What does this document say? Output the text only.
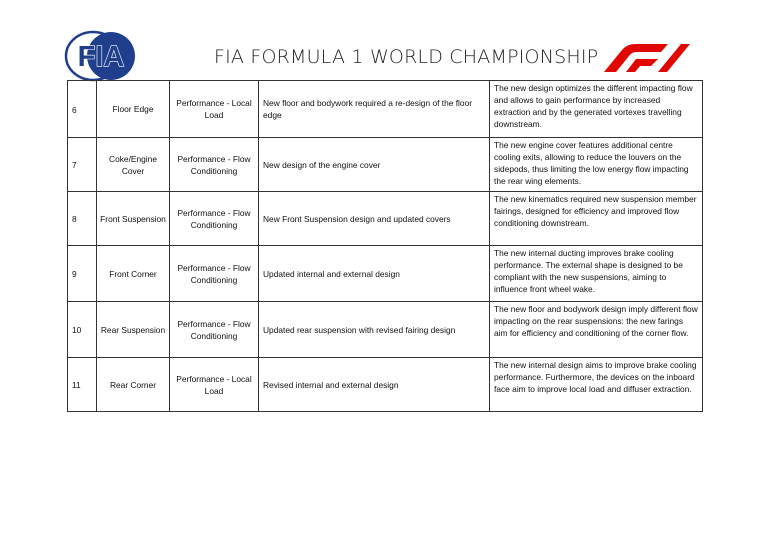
FIA	FIA FORMULA 1 WORLD CHAMPIONSHIP
6	Floor Edge	Performance - Local Load	New floor and bodywork required a re-design of the floor edge	The new design optimizes the different impacting flow and allows to gain performance by increased extraction and by the generated vortexes travelling downstream.
7	Coke/Engine Cover	Performance - Flow Conditioning	New design of the engine cover	The new engine cover features additional centre cooling exits, allowing to reduce the louvers on the sidepods, thus limiting the low energy flow impacting the rear wing elements.
8	Front Suspension	Performance - Flow Conditioning	New Front Suspension design and updated covers	The new kinematics required new suspension member fairings, designed for efficiency and improved flow conditioning downstream.
9	Front Corner	Performance - Flow Conditioning	Updated internal and external design	The new internal ducting improves brake cooling performance. The external shape is designed to be compliant with the new suspensions, aiming to influence front wheel wake.
10	Rear Suspension	Performance - Flow Conditioning	Updated rear suspension with revised fairing design	The new floor and bodywork design imply different flow impacting on the rear suspensions: the new farings aim for efficiency and conditioning of the corner flow.
11	Rear Corner	Performance - Local Load	Revised internal and external design	The new internal design aims to improve brake cooling performance. Furthermore, the devices on the inboard face aim to improve local load and diffuser extraction.
